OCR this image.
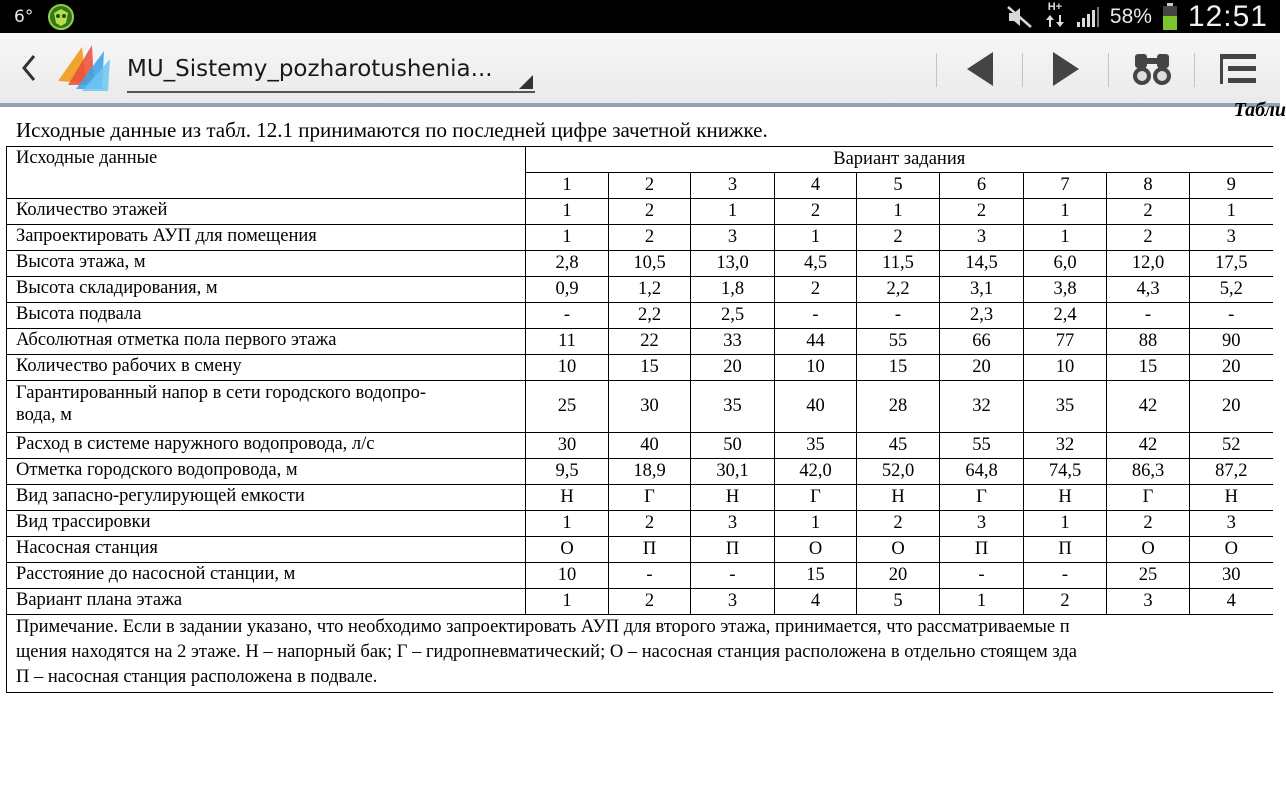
6°	H+ 58% 12:51
MU_Sistemy_pozharotushenia...
Табли
Исходные данные из табл. 12.1 принимаются по последней цифре зачетной книжке.
Исходные данные	Вариант задания								
	1	2	3	4	5	6	7	8	9
Количество этажей	1	2	1	2	1	2	1	2	1
Запроектировать АУП для помещения	1	2	3	1	2	3	1	2	3
Высота этажа, м	2,8	10,5	13,0	4,5	11,5	14,5	6,0	12,0	17,5
Высота складирования, м	0,9	1,2	1,8	2	2,2	3,1	3,8	4,3	5,2
Высота подвала	-	2,2	2,5	-	-	2,3	2,4	-	-
Абсолютная отметка пола первого этажа	11	22	33	44	55	66	77	88	90
Количество рабочих в смену	10	15	20	10	15	20	10	15	20

Гарантированный напор в сети городского водопро-
вода, м	25	30	35	40	28	32	35	42	20
Расход в системе наружного водопровода, л/с	30	40	50	35	45	55	32	42	52
Отметка городского водопровода, м	9,5	18,9	30,1	42,0	52,0	64,8	74,5	86,3	87,2
Вид запасно-регулирующей емкости	Н	Г	Н	Г	Н	Г	Н	Г	Н
Вид трассировки	1	2	3	1	2	3	1	2	3
Насосная станция	О	П	П	О	О	П	П	О	О
Расстояние до насосной станции, м	10	-	-	15	20	-	-	25	30
Вариант плана этажа	1	2	3	4	5	1	2	3	4

Примечание. Если в задании указано, что необходимо запроектировать АУП для второго этажа, принимается, что рассматриваемые п
щения находятся на 2 этаже. Н – напорный бак; Г – гидропневматический; О – насосная станция расположена в отдельно стоящем зда
П – насосная станция расположена в подвале.									
